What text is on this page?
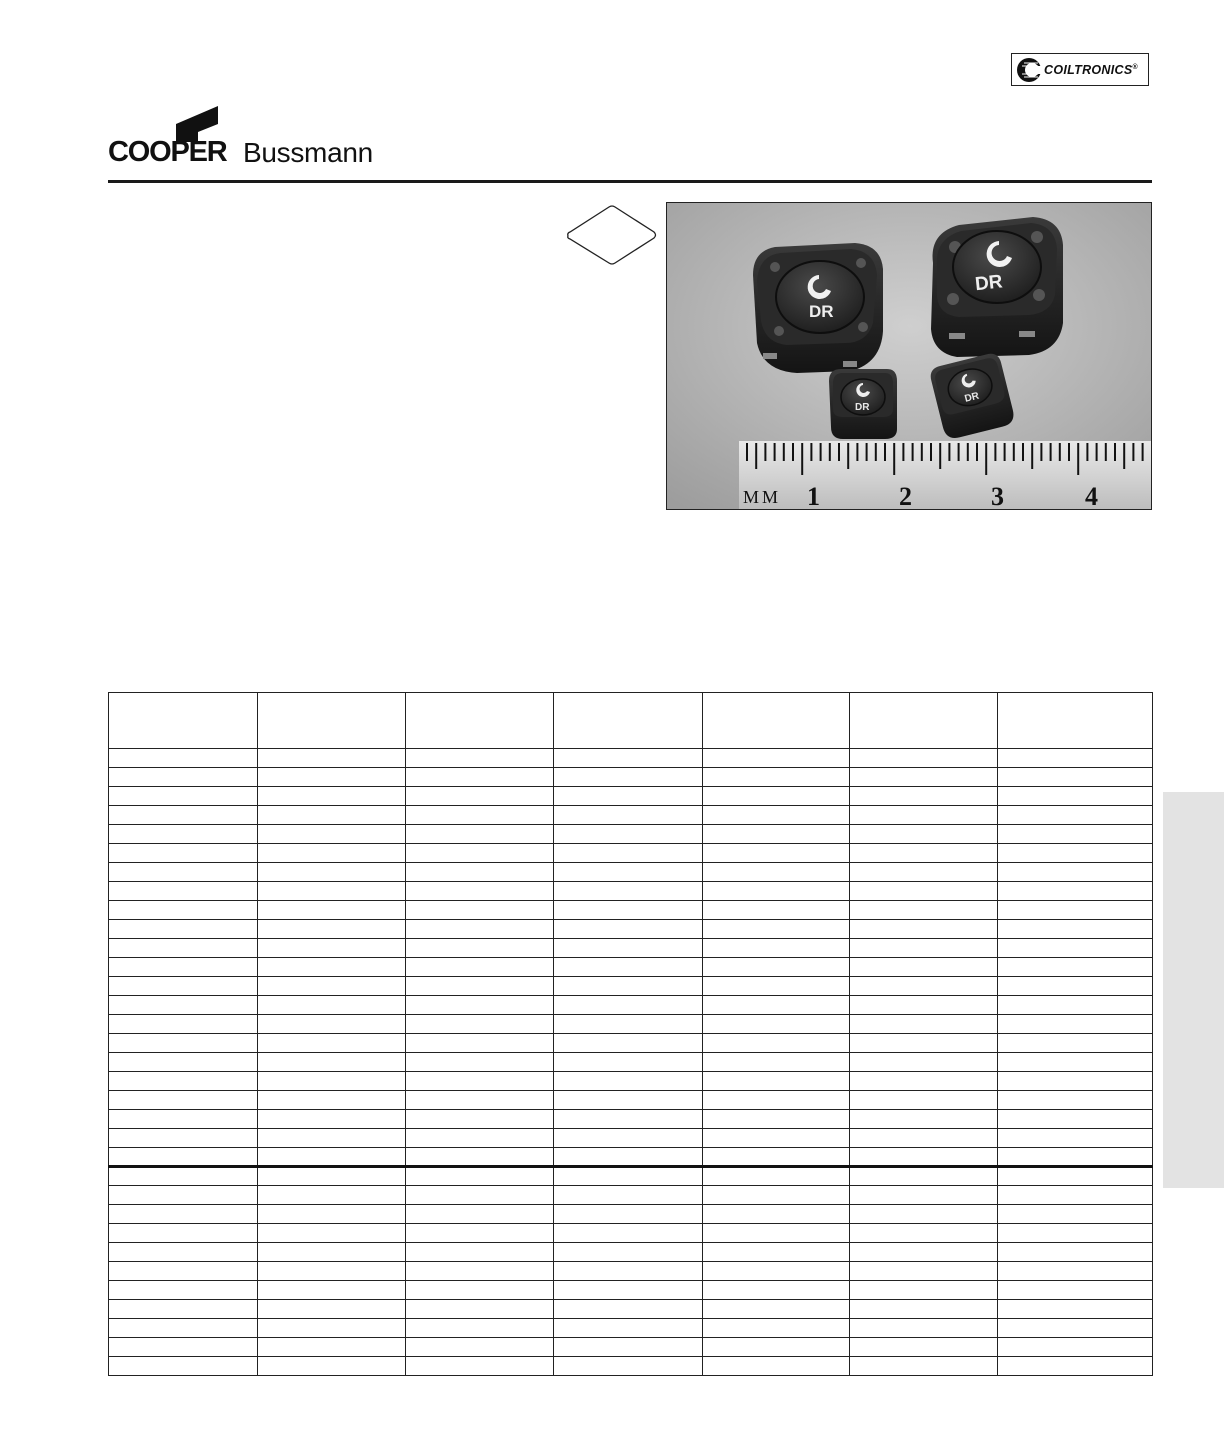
COILTRONICS®
COOPER Bussmann
DR
DR
DR
DR
MM 1	2	3	4
